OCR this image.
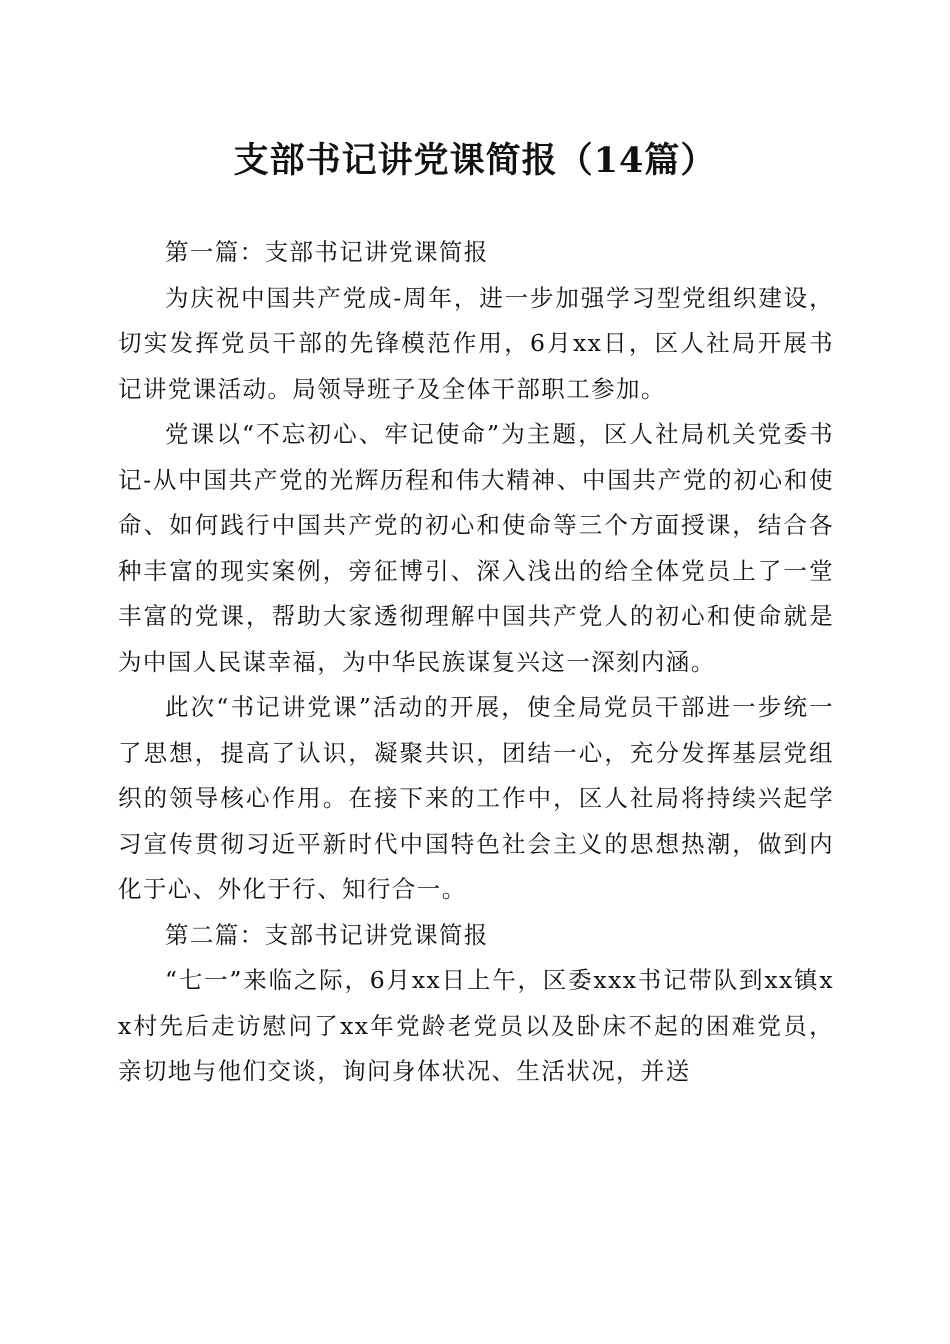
支部书记讲党课简报（14篇）

第一篇：支部书记讲党课简报

为庆祝中国共产党成-周年，进一步加强学习型党组织建设，切实发挥党员干部的先锋模范作用，6月xx日，区人社局开展书记讲党课活动。局领导班子及全体干部职工参加。

党课以“不忘初心、牢记使命”为主题，区人社局机关党委书记-从中国共产党的光辉历程和伟大精神、中国共产党的初心和使命、如何践行中国共产党的初心和使命等三个方面授课，结合各种丰富的现实案例，旁征博引、深入浅出的给全体党员上了一堂丰富的党课，帮助大家透彻理解中国共产党人的初心和使命就是为中国人民谋幸福，为中华民族谋复兴这一深刻内涵。

此次“书记讲党课”活动的开展，使全局党员干部进一步统一了思想，提高了认识，凝聚共识，团结一心，充分发挥基层党组织的领导核心作用。在接下来的工作中，区人社局将持续兴起学习宣传贯彻习近平新时代中国特色社会主义的思想热潮，做到内化于心、外化于行、知行合一。

第二篇：支部书记讲党课简报

“七一”来临之际，6月xx日上午，区委xxx书记带队到xx镇xx村先后走访慰问了xx年党龄老党员以及卧床不起的困难党员，亲切地与他们交谈，询问身体状况、生活状况，并送
